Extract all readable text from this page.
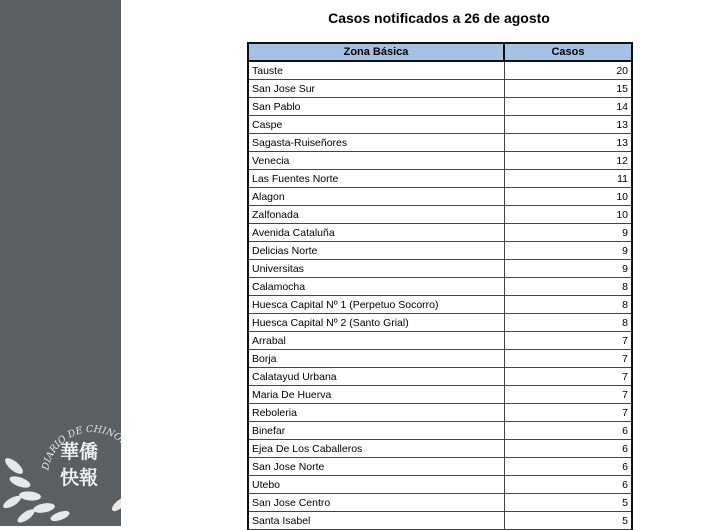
DIARIO DE CHINOS
華僑
快報
Casos notificados a 26 de agosto
Zona Básica	Casos
Tauste	20
San Jose Sur	15
San Pablo	14
Caspe	13
Sagasta-Ruiseñores	13
Venecia	12
Las Fuentes Norte	11
Alagon	10
Zalfonada	10
Avenida Cataluña	9
Delicias Norte	9
Universitas	9
Calamocha	8
Huesca Capital Nº 1 (Perpetuo Socorro)	8
Huesca Capital Nº 2 (Santo Grial)	8
Arrabal	7
Borja	7
Calatayud Urbana	7
Maria De Huerva	7
Reboleria	7
Binefar	6
Ejea De Los Caballeros	6
San Jose Norte	6
Utebo	6
San Jose Centro	5
Santa Isabel	5
